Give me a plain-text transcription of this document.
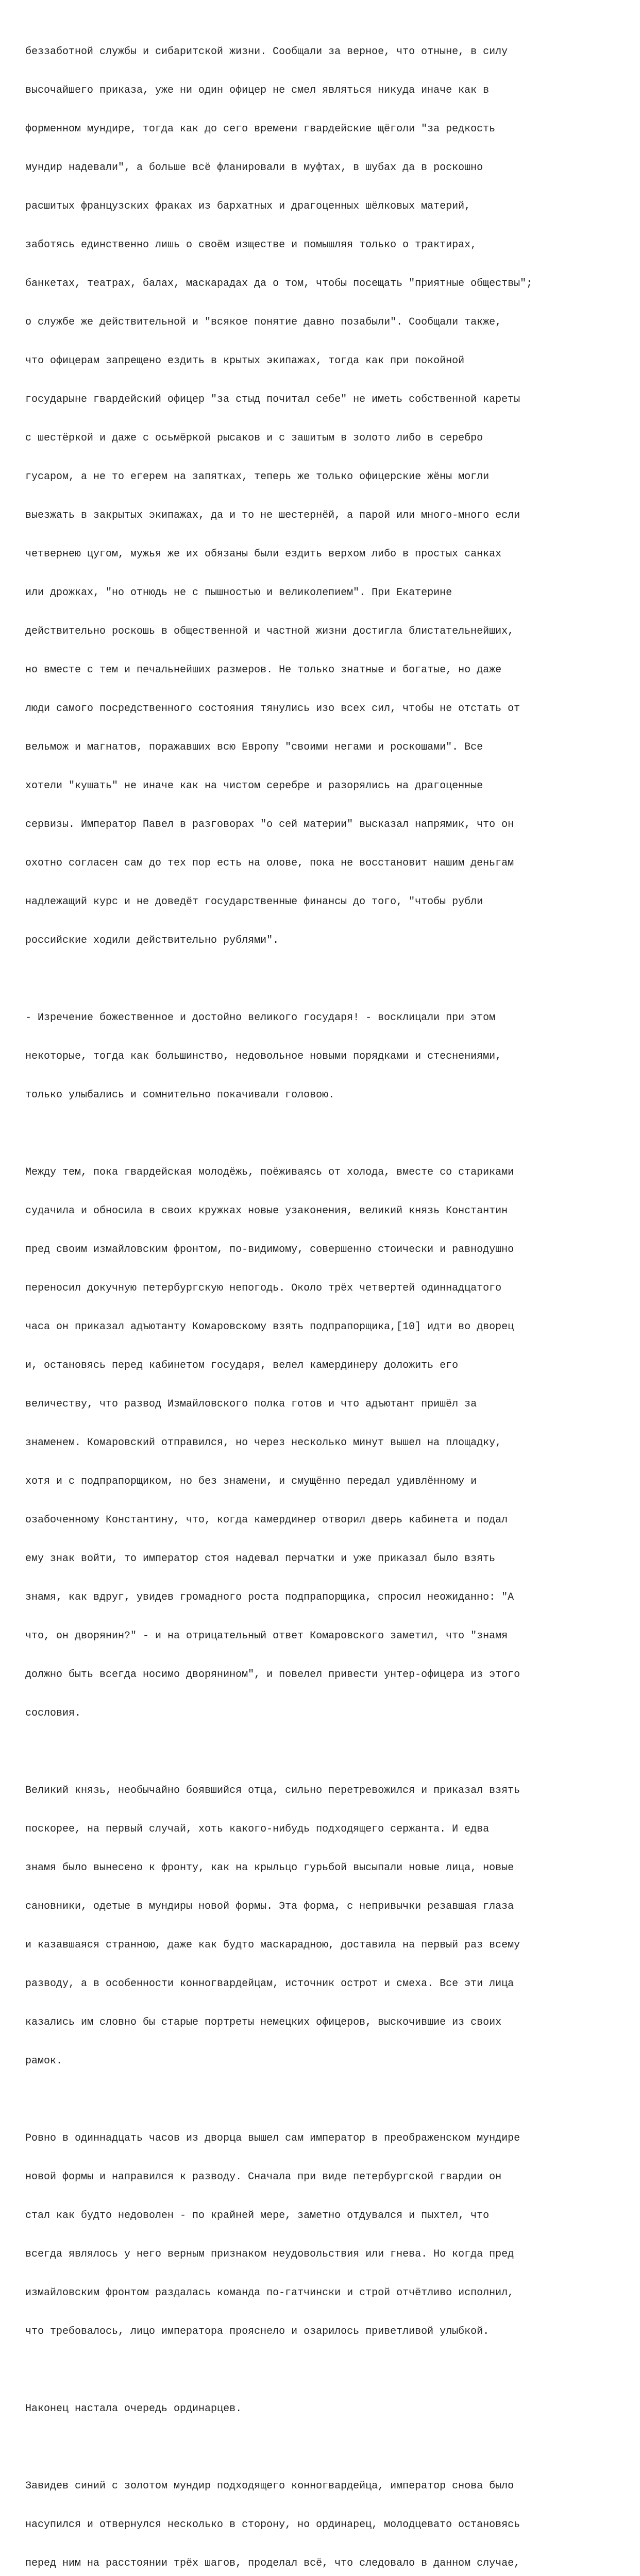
беззаботной службы и сибаритской жизни. Сообщали за верное, что отныне, в силу

высочайшего приказа, уже ни один офицер не смел являться никуда иначе как в

форменном мундире, тогда как до сего времени гвардейские щёголи "за редкость

мундир надевали", а больше всё фланировали в муфтах, в шубах да в роскошно

расшитых французских фраках из бархатных и драгоценных шёлковых материй,

заботясь единственно лишь о своём изществе и помышляя только о трактирах,

банкетах, театрах, балах, маскарадах да о том, чтобы посещать "приятные обществы";

о службе же действительной и "всякое понятие давно позабыли". Сообщали также,

что офицерам запрещено ездить в крытых экипажах, тогда как при покойной

государыне гвардейский офицер "за стыд почитал себе" не иметь собственной кареты

с шестёркой и даже с осьмёркой рысаков и с зашитым в золото либо в серебро

гусаром, а не то егерем на запятках, теперь же только офицерские жёны могли

выезжать в закрытых экипажах, да и то не шестернёй, а парой или много-много если

четвернею цугом, мужья же их обязаны были ездить верхом либо в простых санках

или дрожках, "но отнюдь не с пышностью и великолепием". При Екатерине

действительно роскошь в общественной и частной жизни достигла блистательнейших,

но вместе с тем и печальнейших размеров. Не только знатные и богатые, но даже

люди самого посредственного состояния тянулись изо всех сил, чтобы не отстать от

вельмож и магнатов, поражавших всю Европу "своими негами и роскошами". Все

хотели "кушать" не иначе как на чистом серебре и разорялись на драгоценные

сервизы. Император Павел в разговорах "о сей материи" высказал напрямик, что он

охотно согласен сам до тех пор есть на олове, пока не восстановит нашим деньгам

надлежащий курс и не доведёт государственные финансы до того, "чтобы рубли

российские ходили действительно рублями".

- Изречение божественное и достойно великого государя! - восклицали при этом

некоторые, тогда как большинство, недовольное новыми порядками и стеснениями,

только улыбались и сомнительно покачивали головою.

Между тем, пока гвардейская молодёжь, поёживаясь от холода, вместе со стариками

судачила и обносила в своих кружках новые узаконения, великий князь Константин

пред своим измайловским фронтом, по-видимому, совершенно стоически и равнодушно

переносил докучную петербургскую непогодь. Около трёх четвертей одиннадцатого

часа он приказал адъютанту Комаровскому взять подпрапорщика,[10] идти во дворец

и, остановясь перед кабинетом государя, велел камердинеру доложить его

величеству, что развод Измайловского полка готов и что адъютант пришёл за

знаменем. Комаровский отправился, но через несколько минут вышел на площадку,

хотя и с подпрапорщиком, но без знамени, и смущённо передал удивлённому и

озабоченному Константину, что, когда камердинер отворил дверь кабинета и подал

ему знак войти, то император стоя надевал перчатки и уже приказал было взять

знамя, как вдруг, увидев громадного роста подпрапорщика, спросил неожиданно: "А

что, он дворянин?" - и на отрицательный ответ Комаровского заметил, что "знамя

должно быть всегда носимо дворянином", и повелел привести унтер-офицера из этого

сословия.

Великий князь, необычайно боявшийся отца, сильно перетревожился и приказал взять

поскорее, на первый случай, хоть какого-нибудь подходящего сержанта. И едва

знамя было вынесено к фронту, как на крыльцо гурьбой высыпали новые лица, новые

сановники, одетые в мундиры новой формы. Эта форма, с непривычки резавшая глаза

и казавшаяся странною, даже как будто маскарадною, доставила на первый раз всему

разводу, а в особенности конногвардейцам, источник острот и смеха. Все эти лица

казались им словно бы старые портреты немецких офицеров, выскочившие из своих

рамок.

Ровно в одиннадцать часов из дворца вышел сам император в преображенском мундире

новой формы и направился к разводу. Сначала при виде петербургской гвардии он

стал как будто недоволен - по крайней мере, заметно отдувался и пыхтел, что

всегда являлось у него верным признаком неудовольствия или гнева. Но когда пред

измайловским фронтом раздалась команда по-гатчински и строй отчётливо исполнил,

что требовалось, лицо императора прояснело и озарилось приветливой улыбкой.

Наконец настала очередь ординарцев.

Завидев синий с золотом мундир подходящего конногвардейца, император снова было

насупился и отвернулся несколько в сторону, но ординарец, молодцевато остановясь

перед ним на расстоянии трёх шагов, проделал всё, что следовало в данном случае,
